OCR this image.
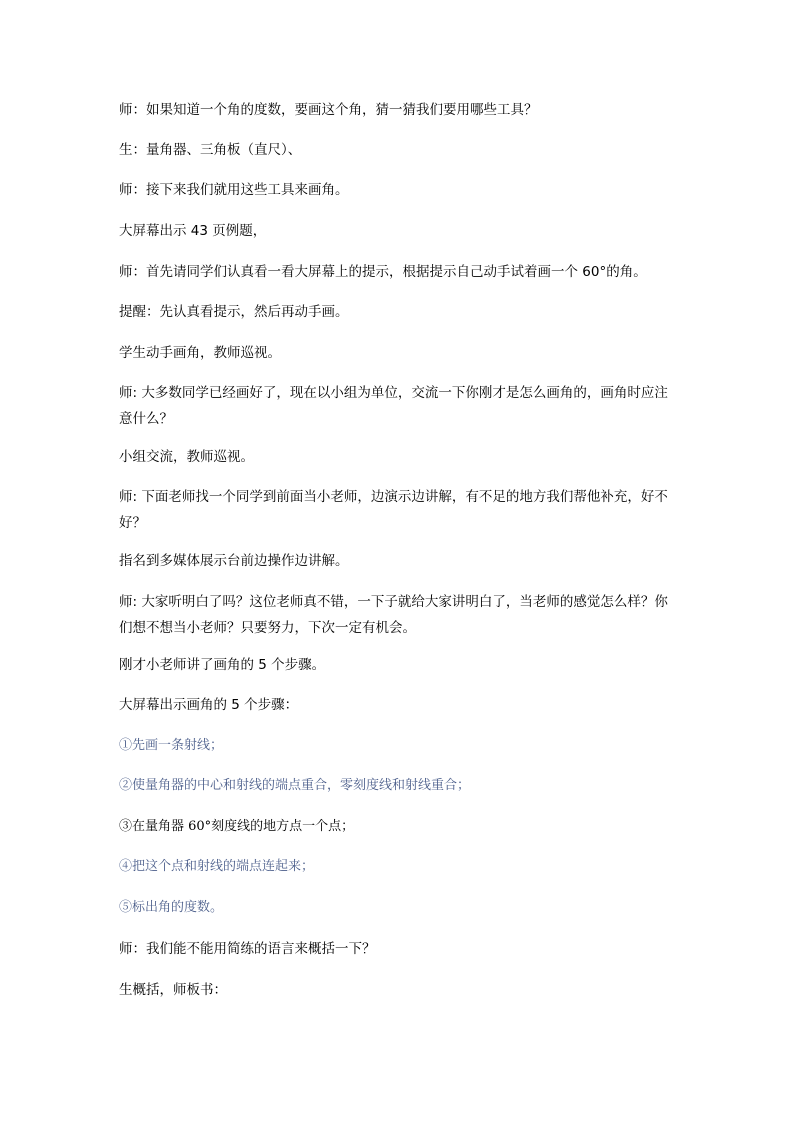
师：如果知道一个角的度数，要画这个角，猜一猜我们要用哪些工具？
生：量角器、三角板（直尺）、
师：接下来我们就用这些工具来画角。
大屏幕出示 43 页例题，
师：首先请同学们认真看一看大屏幕上的提示，根据提示自己动手试着画一个 60°的角。
提醒：先认真看提示，然后再动手画。
学生动手画角，教师巡视。
师: 大多数同学已经画好了，现在以小组为单位，交流一下你刚才是怎么画角的，画角时应注意什么？
小组交流，教师巡视。
师: 下面老师找一个同学到前面当小老师，边演示边讲解，有不足的地方我们帮他补充，好不好？
指名到多媒体展示台前边操作边讲解。
师: 大家听明白了吗？这位老师真不错，一下子就给大家讲明白了，当老师的感觉怎么样？你们想不想当小老师？只要努力，下次一定有机会。
刚才小老师讲了画角的 5 个步骤。
大屏幕出示画角的 5 个步骤：
①先画一条射线；
②使量角器的中心和射线的端点重合，零刻度线和射线重合；
③在量角器 60°刻度线的地方点一个点；
④把这个点和射线的端点连起来；
⑤标出角的度数。
师：我们能不能用简练的语言来概括一下？
生概括，师板书：
